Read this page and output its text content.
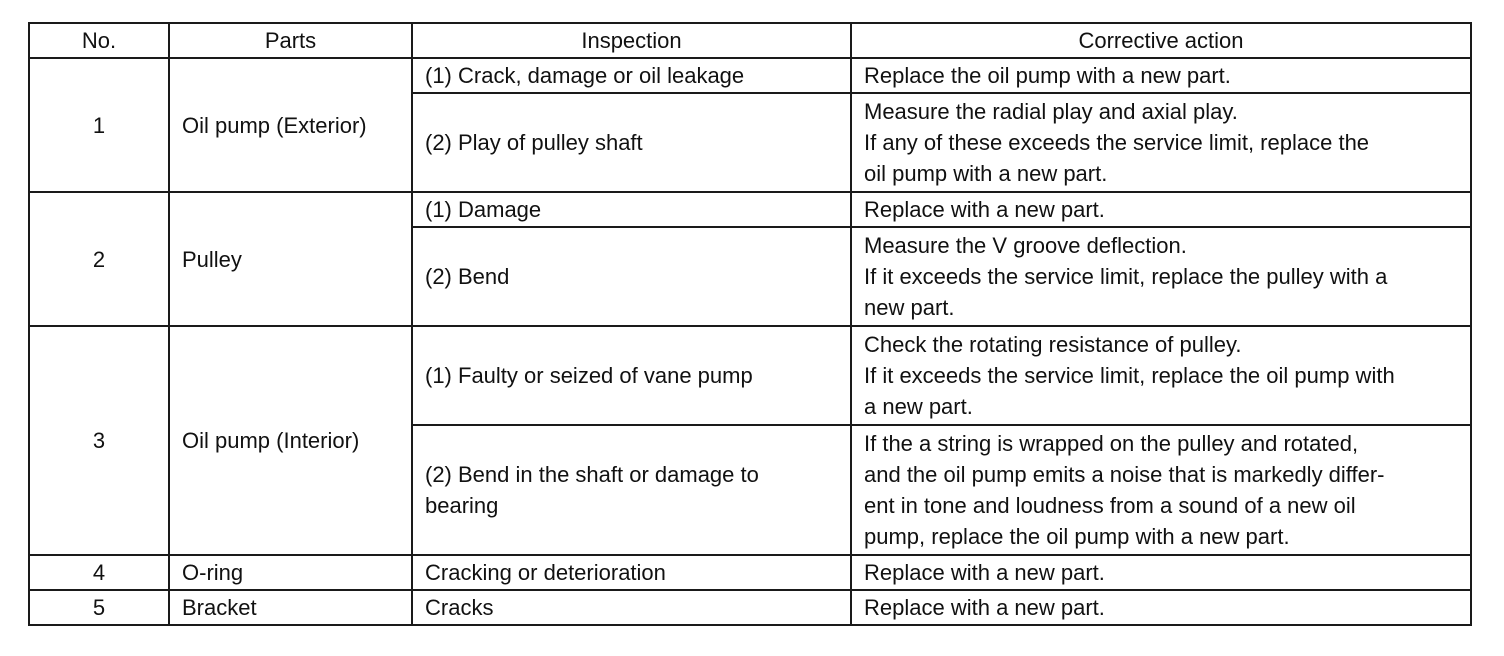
No.	Parts	Inspection	Corrective action
1	Oil pump (Exterior)	(1) Crack, damage or oil leakage	Replace the oil pump with a new part.

		(2) Play of pulley shaft	Measure the radial play and axial play.
If any of these exceeds the service limit, replace the
oil pump with a new part.

2	Pulley	(1) Damage	Replace with a new part.

		(2) Bend	Measure the V groove deflection.
If it exceeds the service limit, replace the pulley with a
new part.

3	Oil pump (Interior)	(1) Faulty or seized of vane pump	Check the rotating resistance of pulley.
If it exceeds the service limit, replace the oil pump with
a new part.

		(2) Bend in the shaft or damage to
bearing	If the a string is wrapped on the pulley and rotated,
and the oil pump emits a noise that is markedly differ-
ent in tone and loudness from a sound of a new oil
pump, replace the oil pump with a new part.

4	O-ring	Cracking or deterioration	Replace with a new part.

5	Bracket	Cracks	Replace with a new part.
